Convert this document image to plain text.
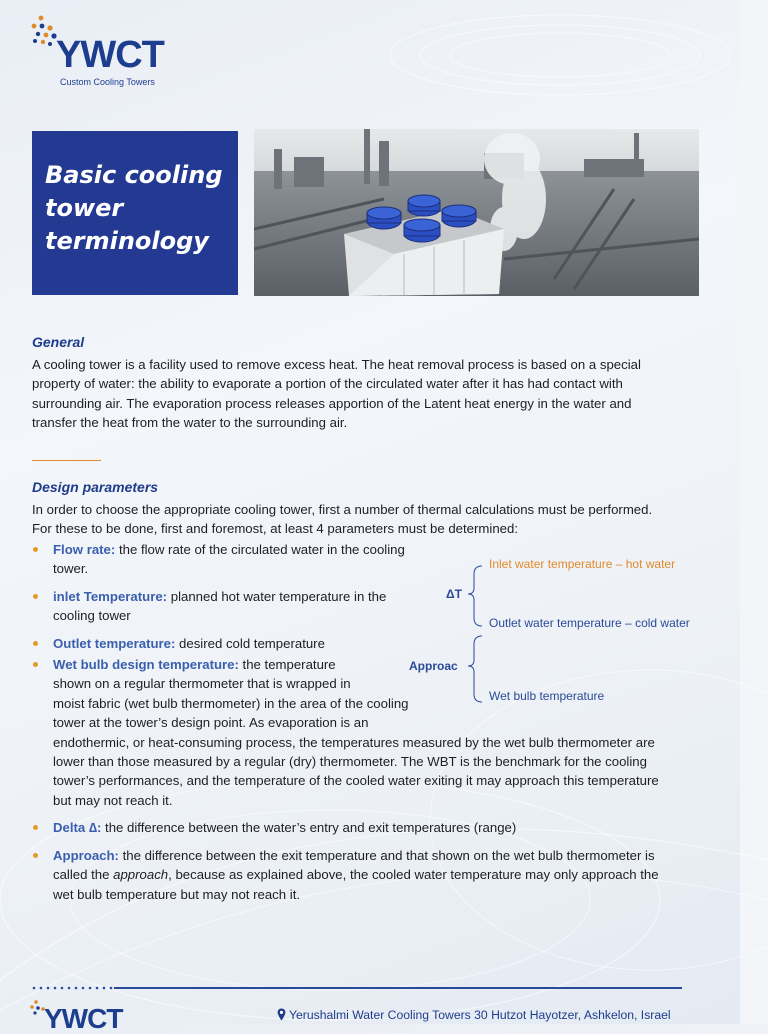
YWCT
Custom Cooling Towers
Basic cooling
tower
terminology
General

A cooling tower is a facility used to remove excess heat. The heat removal process is based on a special
property of water: the ability to evaporate a portion of the circulated water after it has had contact with
surrounding air. The evaporation process releases apportion of the Latent heat energy in the water and
transfer the heat from the water to the surrounding air.

Design parameters

In order to choose the appropriate cooling tower, first a number of thermal calculations must be performed.
For these to be done, first and foremost, at least 4 parameters must be determined:

Flow rate: the flow rate of the circulated water in the cooling
tower.

inlet Temperature: planned hot water temperature in the
cooling tower

Outlet temperature: desired cold temperature

Wet bulb design temperature: the temperature
shown on a regular thermometer that is wrapped in
moist fabric (wet bulb thermometer) in the area of the cooling
tower at the tower’s design point. As evaporation is an
endothermic, or heat-consuming process, the temperatures measured by the wet bulb thermometer are
lower than those measured by a regular (dry) thermometer. The WBT is the benchmark for the cooling
tower’s performances, and the temperature of the cooled water exiting it may approach this temperature
but may not reach it.

Delta ∆: the difference between the water’s entry and exit temperatures (range)

Approach: the difference between the exit temperature and that shown on the wet bulb thermometer is
called the approach, because as explained above, the cooled water temperature may only approach the
wet bulb temperature but may not reach it.

Inlet water temperature – hot water
ΔT
Outlet water temperature – cold water
Approac
Wet bulb temperature
YWCT	Yerushalmi Water Cooling Towers 30 Hutzot Hayotzer, Ashkelon, Israel
